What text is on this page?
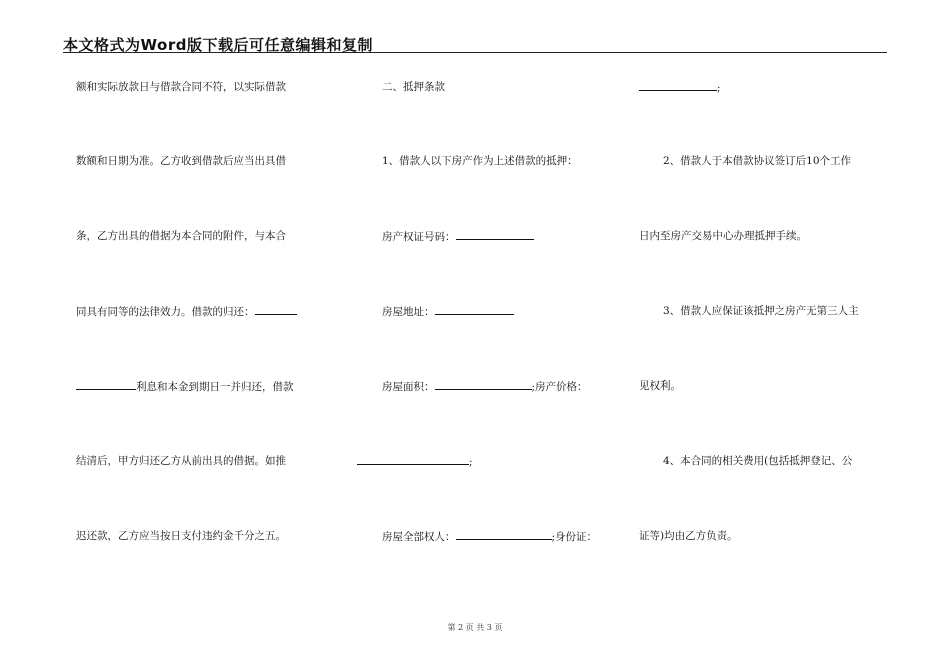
本文格式为Word版下载后可任意编辑和复制
额和实际放款日与借款合同不符，以实际借款
数额和日期为准。乙方收到借款后应当出具借
条，乙方出具的借据为本合同的附件，与本合
同具有同等的法律效力。借款的归还：
利息和本金到期日一并归还，借款
结清后，甲方归还乙方从前出具的借据。如推
迟还款，乙方应当按日支付违约金千分之五。
二、抵押条款
1、借款人以下房产作为上述借款的抵押：
房产权证号码：
房屋地址：
房屋面积：	;房产价格：
;
房屋全部权人：	;身份证：
;
2、借款人于本借款协议签订后10个工作
日内至房产交易中心办理抵押手续。
3、借款人应保证该抵押之房产无第三人主
见权利。
4、本合同的相关费用(包括抵押登记、公
证等)均由乙方负责。
第 2 页 共 3 页
